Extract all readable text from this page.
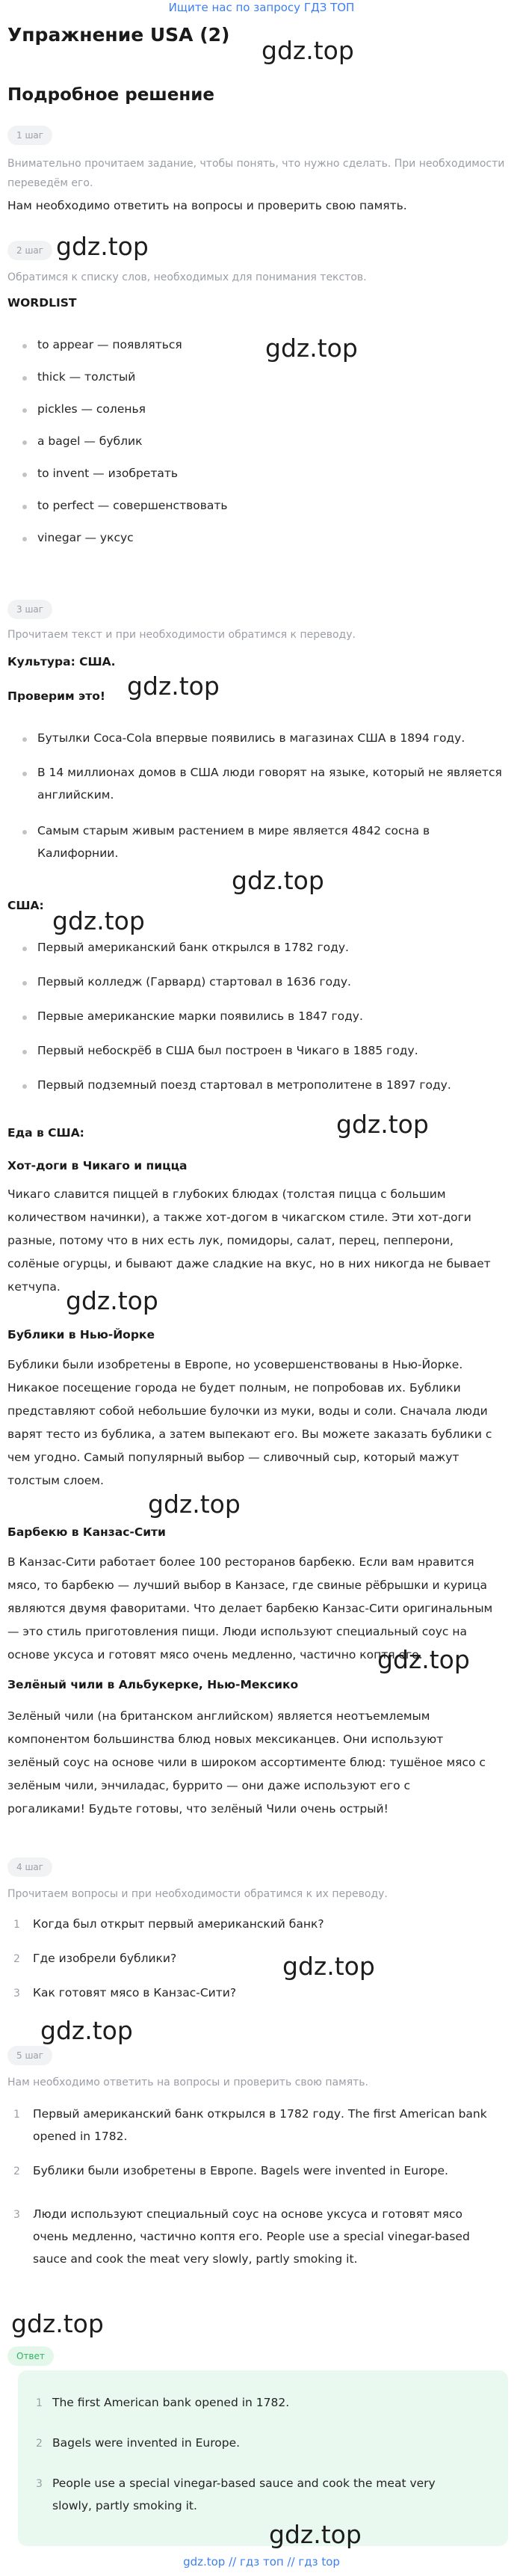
Ищите нас по запросу ГДЗ ТОП
Упражнение USA (2)
gdz.top
Подробное решение
1 шаг
Внимательно прочитаем задание, чтобы понять, что нужно сделать. При необходимости
переведём его.
Нам необходимо ответить на вопросы и проверить свою память.
2 шаг gdz.top
Обратимся к списку слов, необходимых для понимания текстов.
WORDLIST
to appear — появляться	gdz.top
thick — толстый
pickles — соленья
a bagel — бублик
to invent — изобретать
to perfect — совершенствовать
vinegar — уксус
3 шаг
Прочитаем текст и при необходимости обратимся к переводу.
Культура: США.
gdz.top
Проверим это!
Бутылки Coca-Cola впервые появились в магазинах США в 1894 году.
В 14 миллионах домов в США люди говорят на языке, который не является
английским.
Самым старым живым растением в мире является 4842 сосна в
Калифорнии.
gdz.top
США:
gdz.top
Первый американский банк открылся в 1782 году.
Первый колледж (Гарвард) стартовал в 1636 году.
Первые американские марки появились в 1847 году.
Первый небоскрёб в США был построен в Чикаго в 1885 году.
Первый подземный поезд стартовал в метрополитене в 1897 году.
gdz.top
Еда в США:
Хот-доги в Чикаго и пицца
Чикаго славится пиццей в глубоких блюдах (толстая пицца с большим
количеством начинки), а также хот-догом в чикагском стиле. Эти хот-доги
разные, потому что в них есть лук, помидоры, салат, перец, пепперони,
солёные огурцы, и бывают даже сладкие на вкус, но в них никогда не бывает
кетчупа. gdz.top
Бублики в Нью-Йорке
Бублики были изобретены в Европе, но усовершенствованы в Нью-Йорке.
Никакое посещение города не будет полным, не попробовав их. Бублики
представляют собой небольшие булочки из муки, воды и соли. Сначала люди
варят тесто из бублика, а затем выпекают его. Вы можете заказать бублики с
чем угодно. Самый популярный выбор — сливочный сыр, который мажут
толстым слоем.
gdz.top
Барбекю в Канзас-Сити
В Канзас-Сити работает более 100 ресторанов барбекю. Если вам нравится
мясо, то барбекю — лучший выбор в Канзасе, где свиные рёбрышки и курица
являются двумя фаворитами. Что делает барбекю Канзас-Сити оригинальным
— это стиль приготовления пищи. Люди используют специальный соус на
основе уксуса и готовят мясо очень медленно, частично коптя его.
gdz.top
Зелёный чили в Альбукерке, Нью-Мексико
Зелёный чили (на британском английском) является неотъемлемым
компонентом большинства блюд новых мексиканцев. Они используют
зелёный соус на основе чили в широком ассортименте блюд: тушёное мясо с
зелёным чили, энчиладас, буррито — они даже используют его с
рогаликами! Будьте готовы, что зелёный Чили очень острый!
4 шаг
Прочитаем вопросы и при необходимости обратимся к их переводу.
1 Когда был открыт первый американский банк?
2 Где изобрели бублики?	gdz.top
3 Как готовят мясо в Канзас-Сити?
gdz.top
5 шаг
Нам необходимо ответить на вопросы и проверить свою память.
1 Первый американский банк открылся в 1782 году. The first American bank
opened in 1782.
2 Бублики были изобретены в Европе. Bagels were invented in Europe.
3 Люди используют специальный соус на основе уксуса и готовят мясо
очень медленно, частично коптя его. People use a special vinegar-based
sauce and cook the meat very slowly, partly smoking it.
gdz.top
Ответ
1 The first American bank opened in 1782.
2 Bagels were invented in Europe.
3 People use a special vinegar-based sauce and cook the meat very
slowly, partly smoking it.
gdz.top
gdz.top // гдз топ // гдз top
